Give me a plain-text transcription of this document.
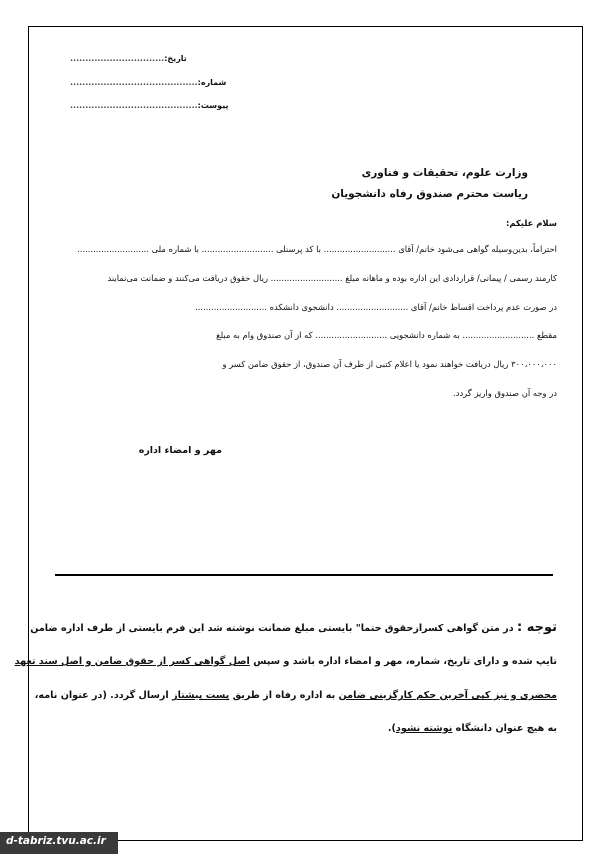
تاریخ:...............................
شماره:..........................................
پیوست:..........................................
وزارت علوم، تحقیقات و فناوری
ریاست محترم صندوق رفاه دانشجویان
سلام علیکم:
احتراماً، بدین‌وسیله گواهی می‌شود خانم/ آقای ........................... با کد پرسنلی ........................... با شماره ملی ...........................
کارمند رسمی / پیمانی/ قراردادی این اداره بوده و ماهانه مبلغ ........................... ریال حقوق دریافت می‌کنند و ضمانت می‌نمایند
در صورت عدم پرداخت اقساط خانم/ آقای ........................... دانشجوی دانشکده ...........................
مقطع ........................... به شماره دانشجویی ........................... که از آن صندوق وام به مبلغ
۳۰۰،۰۰۰،۰۰۰ ریال دریافت خواهند نمود یا اعلام کتبی از طرف آن صندوق، از حقوق ضامن کسر و
در وجه آن صندوق واریز گردد.
مهر و امضاء اداره
توجه : در متن گواهی کسرازحقوق حتما" بایستی مبلغ ضمانت نوشته شد این فرم بایستی از طرف اداره ضامن
تایپ شده و دارای تاریخ، شماره، مهر و امضاء اداره باشد و سپس اصل گواهی کسر از حقوق ضامن و اصل سند تعهد
محضری و نیز کپی آخرین حکم کارگزینی ضامن به اداره رفاه از طریق پست پیشتاز ارسال گردد. (در عنوان نامه،
به هیچ عنوان دانشگاه نوشته نشود).
d-tabriz.tvu.ac.ir
